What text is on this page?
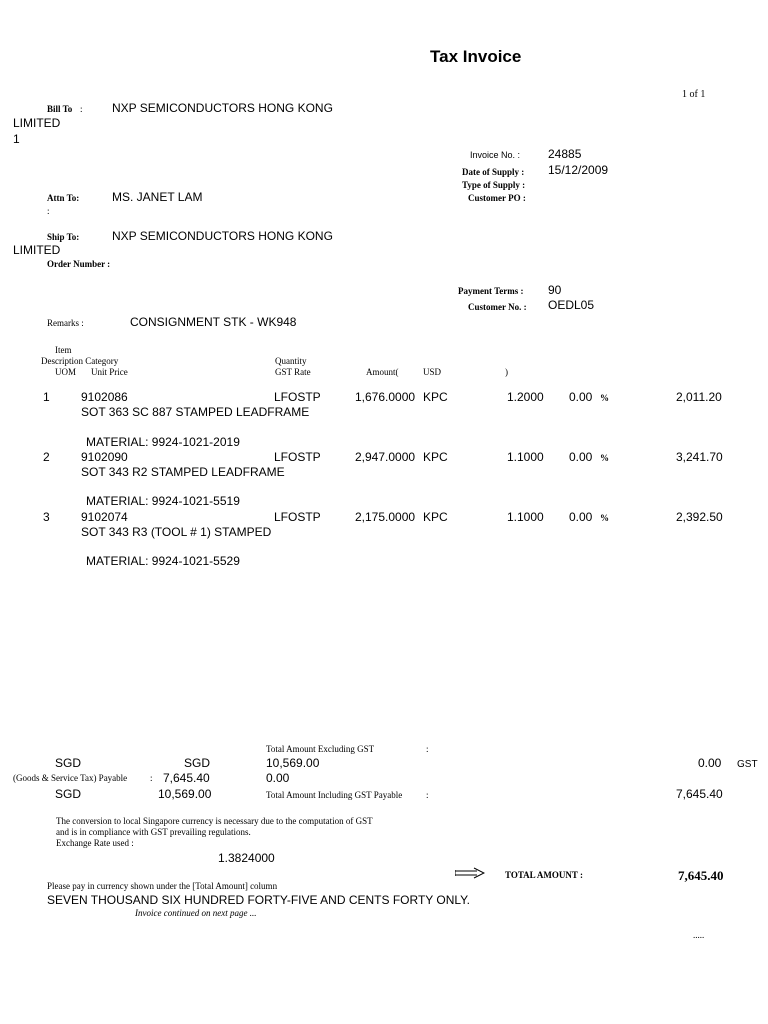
Tax Invoice
1 of 1
Bill To : NXP SEMICONDUCTORS HONG KONG
LIMITED
1
Invoice No. : 24885
Date of Supply : 15/12/2009
Type of Supply :
Customer PO :
Attn To:	MS. JANET LAM
:
Ship To:	NXP SEMICONDUCTORS HONG KONG
LIMITED
Order Number :
Payment Terms : 90
Customer No. : OEDL05
Remarks :	CONSIGNMENT STK - WK948
Item
Description Category
UOM Unit Price
Quantity
GST Rate	Amount(	USD	)
1	9102086
SOT 363 SC 887 STAMPED LEADFRAME
LFOSTP	1,676.0000 KPC	1.2000 0.00 %	2,011.20
MATERIAL: 9924-1021-2019
2	9102090
SOT 343 R2 STAMPED LEADFRAME
LFOSTP	2,947.0000 KPC	1.1000 0.00 %	3,241.70
MATERIAL: 9924-1021-5519
3	9102074
SOT 343 R3 (TOOL # 1) STAMPED
LFOSTP	2,175.0000 KPC	1.1000 0.00 %	2,392.50
MATERIAL: 9924-1021-5529
Total Amount Excluding GST	:
SGD	SGD	10,569.00	0.00 GST
(Goods & Service Tax) Payable	: 7,645.40	0.00
SGD	10,569.00	Total Amount Including GST Payable	:	7,645.40
The conversion to local Singapore currency is necessary due to the computation of GST
and is in compliance with GST prevailing regulations.
Exchange Rate used :
1.3824000
TOTAL AMOUNT :	7,645.40
Please pay in currency shown under the [Total Amount] column
SEVEN THOUSAND SIX HUNDRED FORTY-FIVE AND CENTS FORTY ONLY.
Invoice continued on next page ...
.....
